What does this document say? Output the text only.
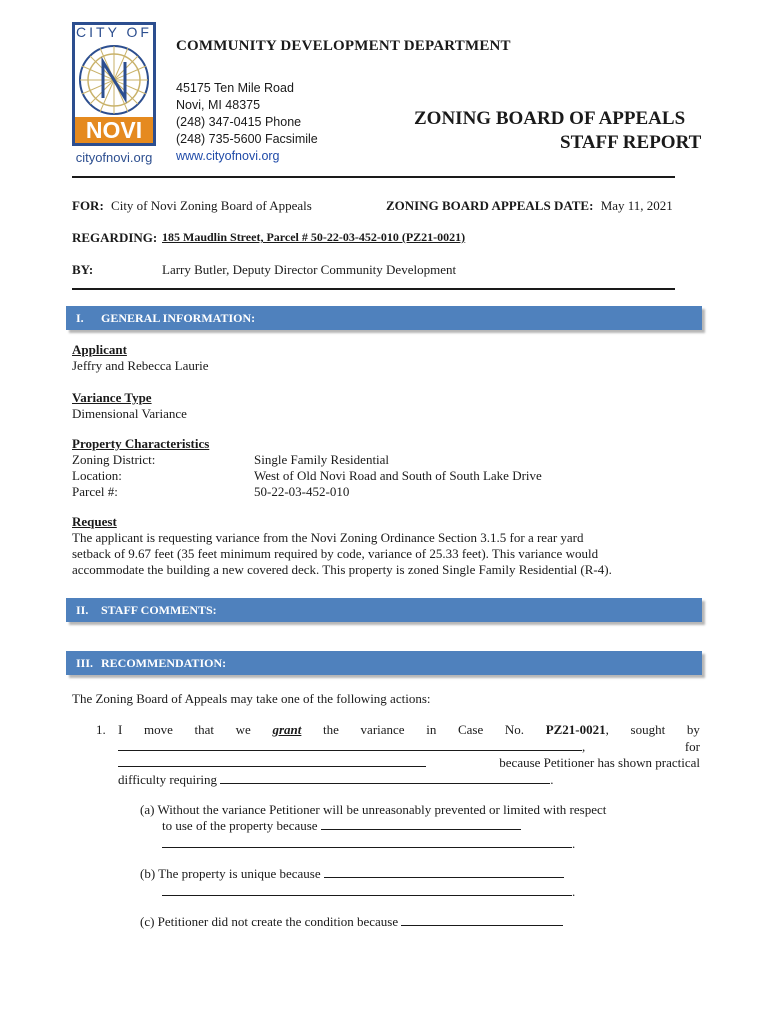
CITY OF
NOVI
cityofnovi.org
COMMUNITY DEVELOPMENT DEPARTMENT
45175 Ten Mile Road
Novi, MI 48375
(248) 347-0415 Phone
(248) 735-5600 Facsimile
www.cityofnovi.org
ZONING BOARD OF APPEALS
STAFF REPORT
FOR: City of Novi Zoning Board of Appeals	ZONING BOARD APPEALS DATE: May 11, 2021
REGARDING: 185 Maudlin Street, Parcel # 50-22-03-452-010 (PZ21-0021)
BY:	Larry Butler, Deputy Director Community Development
I. GENERAL INFORMATION:
Applicant
Jeffry and Rebecca Laurie
Variance Type
Dimensional Variance
Property Characteristics
Zoning District:	Single Family Residential
Location:	West of Old Novi Road and South of South Lake Drive
Parcel #:	50-22-03-452-010
Request
The applicant is requesting variance from the Novi Zoning Ordinance Section 3.1.5 for a rear yard
setback of 9.67 feet (35 feet minimum required by code, variance of 25.33 feet). This variance would
accommodate the building a new covered deck. This property is zoned Single Family Residential (R-4).
II. STAFF COMMENTS:
III. RECOMMENDATION:
The Zoning Board of Appeals may take one of the following actions:
1. I move that we grant the variance in Case No. PZ21-0021, sought by
,	for
because Petitioner has shown practical
difficulty requiring	.
(a) Without the variance Petitioner will be unreasonably prevented or limited with respect
to use of the property because
.
(b) The property is unique because
.
(c) Petitioner did not create the condition because
